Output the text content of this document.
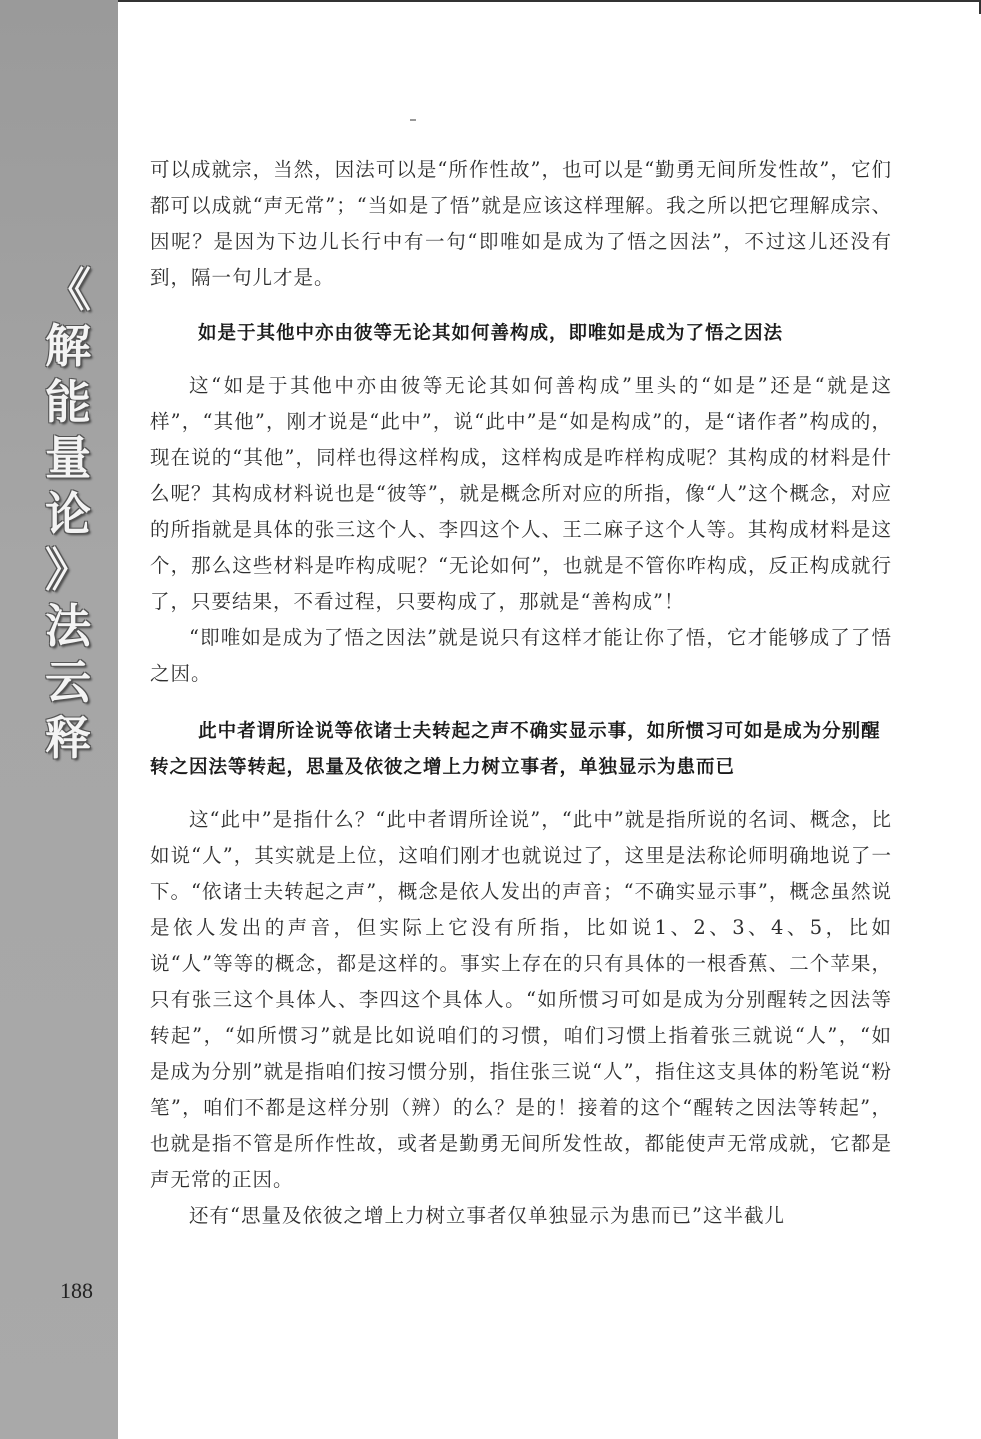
《
解
能
量
论
》
法
云
释
188

可以成就宗，当然，因法可以是“所作性故”，也可以是“勤勇无间所发性故”，它们都可以成就“声无常”；“当如是了悟”就是应该这样理解。我之所以把它理解成宗、因呢？是因为下边儿长行中有一句“即唯如是成为了悟之因法”，不过这儿还没有到，隔一句儿才是。

如是于其他中亦由彼等无论其如何善构成，即唯如是成为了悟之因法

这“如是于其他中亦由彼等无论其如何善构成”里头的“如是”还是“就是这样”，“其他”，刚才说是“此中”，说“此中”是“如是构成”的，是“诸作者”构成的，现在说的“其他”，同样也得这样构成，这样构成是咋样构成呢？其构成的材料是什么呢？其构成材料说也是“彼等”，就是概念所对应的所指，像“人”这个概念，对应的所指就是具体的张三这个人、李四这个人、王二麻子这个人等。其构成材料是这个，那么这些材料是咋构成呢？“无论如何”，也就是不管你咋构成，反正构成就行了，只要结果，不看过程，只要构成了，那就是“善构成”！

“即唯如是成为了悟之因法”就是说只有这样才能让你了悟，它才能够成了了悟之因。

此中者谓所诠说等依诸士夫转起之声不确实显示事，如所惯习可如是成为分别醒转之因法等转起，思量及依彼之增上力树立事者，单独显示为患而已

这“此中”是指什么？“此中者谓所诠说”，“此中”就是指所说的名词、概念，比如说“人”，其实就是上位，这咱们刚才也就说过了，这里是法称论师明确地说了一下。“依诸士夫转起之声”，概念是依人发出的声音；“不确实显示事”，概念虽然说是依人发出的声音，但实际上它没有所指，比如说1、2、3、4、5，比如说“人”等等的概念，都是这样的。事实上存在的只有具体的一根香蕉、二个苹果，只有张三这个具体人、李四这个具体人。“如所惯习可如是成为分别醒转之因法等转起”，“如所惯习”就是比如说咱们的习惯，咱们习惯上指着张三就说“人”，“如是成为分别”就是指咱们按习惯分别，指住张三说“人”，指住这支具体的粉笔说“粉笔”，咱们不都是这样分别（辨）的么？是的！接着的这个“醒转之因法等转起”，也就是指不管是所作性故，或者是勤勇无间所发性故，都能使声无常成就，它都是声无常的正因。

还有“思量及依彼之增上力树立事者仅单独显示为患而已”这半截儿
